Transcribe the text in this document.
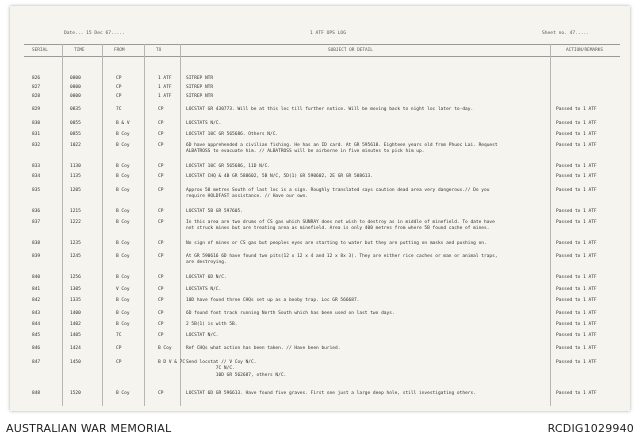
Date... 15 Dec 67.....	1 ATF OPS LOG	Sheet no. 47.....
SERIAL	TIME	FROM	TO	SUBJECT OR DETAIL	ACTION/REMARKS
826	0800	CP	1 ATF	SITREP NTR
827	0800	CP	1 ATF	SITREP NTR
828	0800	CP	1 ATF	SITREP NTR
829	0835	7C	CP	LOCSTAT GR 430773. Will be at this loc till further notice. Will be moving back to night loc later to-day.	Passed to 1 ATF
830	0855	B & V	CP	LOCSTATS N/C.	Passed to 1 ATF
831	0855	B Coy	CP	LOCSTAT 10C GR 565686. Others N/C.	Passed to 1 ATF
832	1022	B Coy	CP	6D have apprehended a civilian fishing. He has an ID card. At GR 595618. Eighteen years old from Phuoc Lai. Request
ALBATROSS to evacuate him. // ALBATROSS will be airborne in five minutes to pick him up.
Passed to 1 ATF
833	1130	B Coy	CP	LOCSTAT 10C GR 565686, 11D N/C.	Passed to 1 ATF
834	1135	B Coy	CP	LOCSTAT CHQ & 4B GR 588602, 5B N/C, 5D(1) GR 590602, 2E GR GR 588613.	Passed to 1 ATF
835	1205	B Coy	CP	Approx 50 metres South of last loc is a sign. Roughly translated says caution dead area very dangerous.// Do you
require HOLDFAST assistance. // Have our own.
Passed to 1 ATF
836	1215	B Coy	CP	LOCSTAT 5B GR 597605.	Passed to 1 ATF
837	1222	B Coy	CP	In this area are two drums of CS gas which SUNRAY does not wish to destroy as in middle of minefield. To date have
not struck mines but are treating area as minefield. Area is only 400 metres from where 5B found cache of mines.
Passed to 1 ATF
838	1235	B Coy	CP	No sign of mines or CS gas but peoples eyes are starting to water but they are putting on masks and pushing on.	Passed to 1 ATF
839	1245	B Coy	CP	At GR 590616 6D have found two pits(12 x 12 x 4 and 12 x 8x 3). They are either rice caches or man or animal traps,
are destroying.
Passed to 1 ATF
840	1256	B Coy	CP	LOCSTAT 6D N/C.	Passed to 1 ATF
841	1305	V Coy	CP	LOCSTATS N/C.	Passed to 1 ATF
842	1335	B Coy	CP	10D have found three CHQs set up as a booby trap. Loc GR 566687.	Passed to 1 ATF
843	1400	B Coy	CP	6D found foot track running North South which has been used on last two days.	Passed to 1 ATF
844	1402	B Coy	CP	2 5B(1) is with 5B.	Passed to 1 ATF
845	1405	7C	CP	LOCSTAT N/C.	Passed to 1 ATF
846	1424	CP	B Coy	Ref CHQs what action has been taken. // Have been buried.	Passed to 1 ATF
847	1450	CP	B D V & 7C Send locstat // V Coy N/C.
7C N/C.
10D GR 562687, others N/C.
Passed to 1 ATF
848	1520	B Coy	CP	LOCSTAT 6D GR 596613. Have found five graves. First one just a large deep hole, still investigating others.	Passed to 1 ATF
AUSTRALIAN WAR MEMORIAL	RCDIG1029940
